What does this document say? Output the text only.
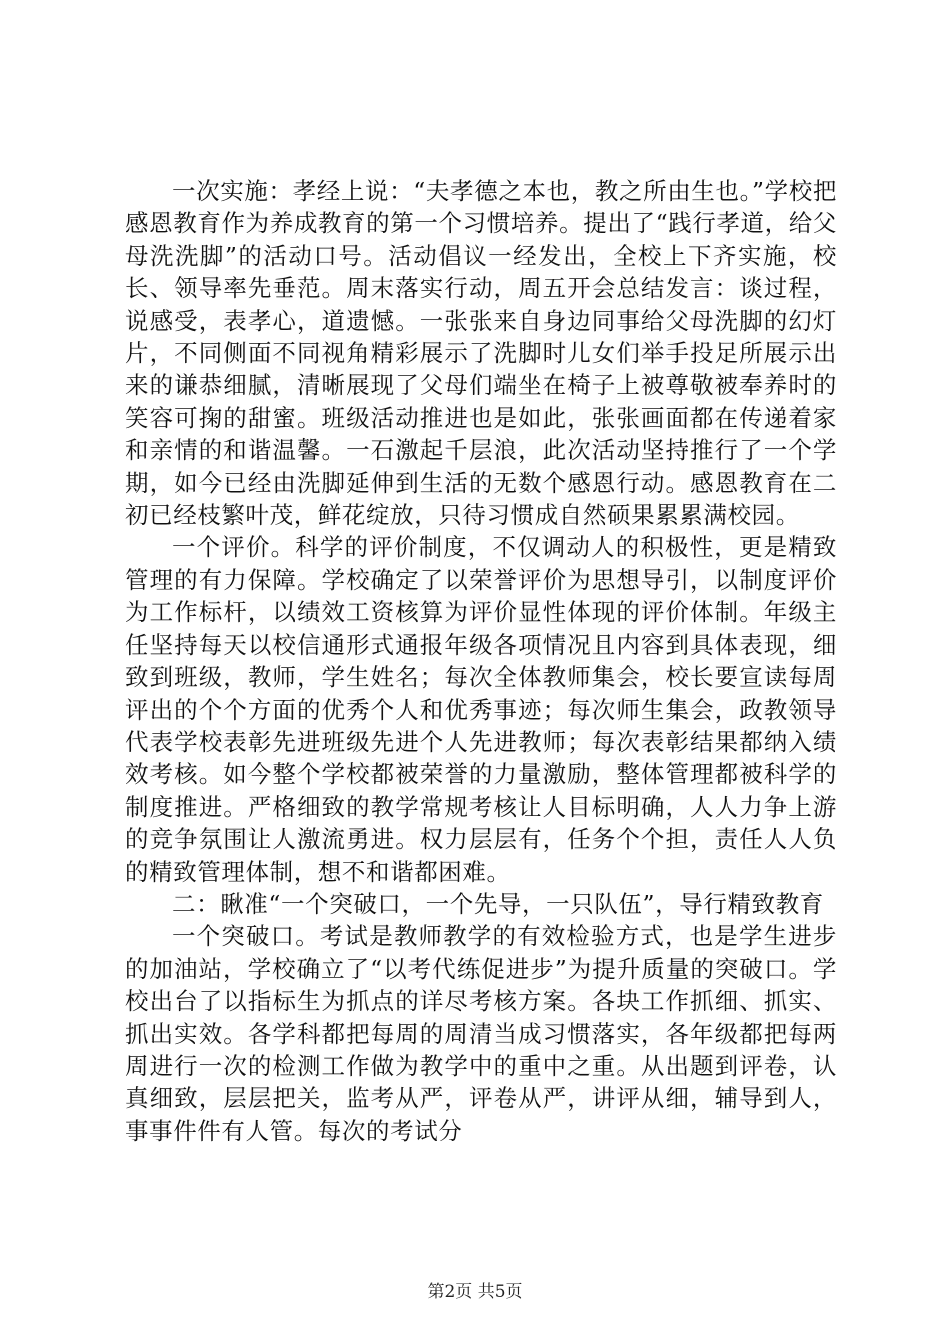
一次实施：孝经上说：“夫孝德之本也，教之所由生也。”学校把感恩教育作为养成教育的第一个习惯培养。提出了“践行孝道，给父母洗洗脚”的活动口号。活动倡议一经发出，全校上下齐实施，校长、领导率先垂范。周末落实行动，周五开会总结发言：谈过程，说感受，表孝心，道遗憾。一张张来自身边同事给父母洗脚的幻灯片，不同侧面不同视角精彩展示了洗脚时儿女们举手投足所展示出来的谦恭细腻，清晰展现了父母们端坐在椅子上被尊敬被奉养时的笑容可掬的甜蜜。班级活动推进也是如此，张张画面都在传递着家和亲情的和谐温馨。一石激起千层浪，此次活动坚持推行了一个学期，如今已经由洗脚延伸到生活的无数个感恩行动。感恩教育在二初已经枝繁叶茂，鲜花绽放，只待习惯成自然硕果累累满校园。

一个评价。科学的评价制度，不仅调动人的积极性，更是精致管理的有力保障。学校确定了以荣誉评价为思想导引，以制度评价为工作标杆，以绩效工资核算为评价显性体现的评价体制。年级主任坚持每天以校信通形式通报年级各项情况且内容到具体表现，细致到班级，教师，学生姓名；每次全体教师集会，校长要宣读每周评出的个个方面的优秀个人和优秀事迹；每次师生集会，政教领导代表学校表彰先进班级先进个人先进教师；每次表彰结果都纳入绩效考核。如今整个学校都被荣誉的力量激励，整体管理都被科学的制度推进。严格细致的教学常规考核让人目标明确，人人力争上游的竞争氛围让人激流勇进。权力层层有，任务个个担，责任人人负的精致管理体制，想不和谐都困难。

二：瞅准“一个突破口，一个先导，一只队伍”，导行精致教育

一个突破口。考试是教师教学的有效检验方式，也是学生进步的加油站，学校确立了“以考代练促进步”为提升质量的突破口。学校出台了以指标生为抓点的详尽考核方案。各块工作抓细、抓实、抓出实效。各学科都把每周的周清当成习惯落实，各年级都把每两周进行一次的检测工作做为教学中的重中之重。从出题到评卷，认真细致，层层把关，监考从严，评卷从严，讲评从细，辅导到人，事事件件有人管。每次的考试分

第2页 共5页
